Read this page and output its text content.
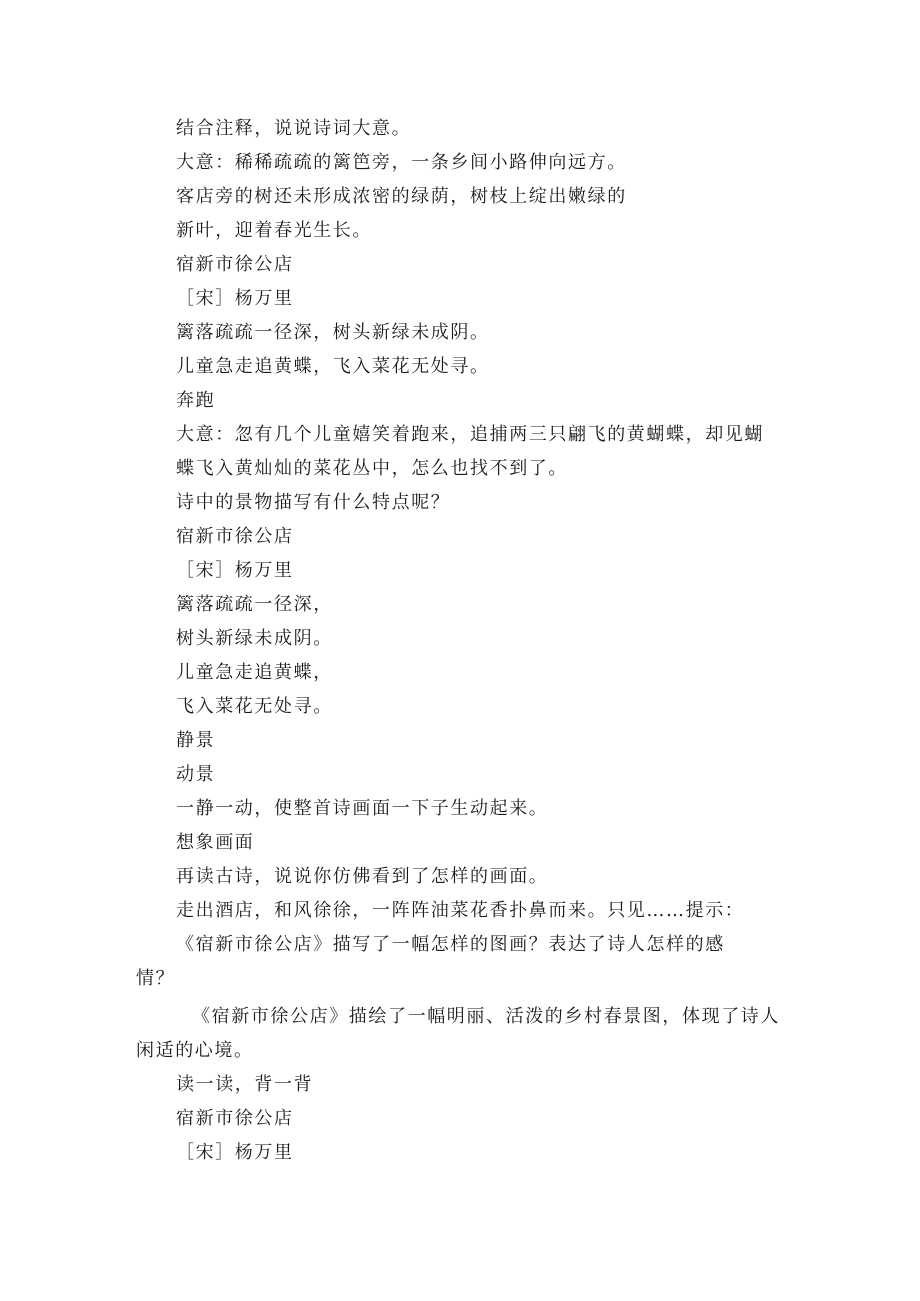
结合注释，说说诗词大意。
大意：稀稀疏疏的篱笆旁，一条乡间小路伸向远方。
客店旁的树还未形成浓密的绿荫，树枝上绽出嫩绿的
新叶，迎着春光生长。
宿新市徐公店
［宋］杨万里
篱落疏疏一径深，树头新绿未成阴。
儿童急走追黄蝶，飞入菜花无处寻。
奔跑
大意：忽有几个儿童嬉笑着跑来，追捕两三只翩飞的黄蝴蝶，却见蝴
蝶飞入黄灿灿的菜花丛中，怎么也找不到了。
诗中的景物描写有什么特点呢？
宿新市徐公店
［宋］杨万里
篱落疏疏一径深，
树头新绿未成阴。
儿童急走追黄蝶，
飞入菜花无处寻。
静景
动景
一静一动，使整首诗画面一下子生动起来。
想象画面
再读古诗，说说你仿佛看到了怎样的画面。
走出酒店，和风徐徐，一阵阵油菜花香扑鼻而来。只见……提示：
《宿新市徐公店》描写了一幅怎样的图画？表达了诗人怎样的感
情？
《宿新市徐公店》描绘了一幅明丽、活泼的乡村春景图，体现了诗人
闲适的心境。
读一读，背一背
宿新市徐公店
［宋］杨万里
